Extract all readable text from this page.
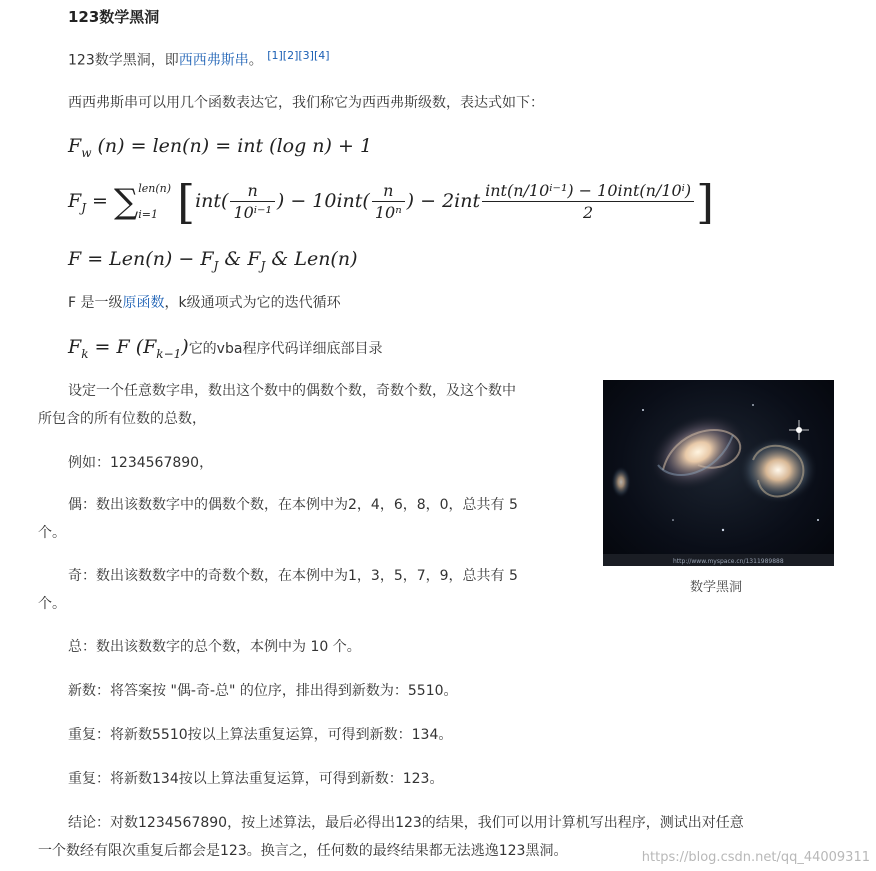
123数学黑洞
123数学黑洞，即西西弗斯串。 [1][2][3][4]
西西弗斯串可以用几个函数表达它，我们称它为西西弗斯级数，表达式如下：
$F_w$ (n) = len(n) = int (log n) + 1
$F_J$ = ∑ len(n)
i=1 [$int( \frac{n}{\text{10ⁱ⁻¹}}$ ) − $10int( \frac{n}{\text{10ⁿ}}$ ) − $2int \frac{\text{int(n/10ⁱ⁻¹) − 10int(n/10ⁱ)}}{2}$ ]
$F = Len(n) - F_J$ & $F_J$ & Len(n)
F 是一级原函数，k级通项式为它的迭代循环
$F_k = F$ $(F_{k-1})$它的vba程序代码详细底部目录
设定一个任意数字串，数出这个数中的偶数个数，奇数个数，及这个数中
所包含的所有位数的总数，
例如：1234567890，
偶：数出该数数字中的偶数个数，在本例中为2，4，6，8，0，总共有 5
个。
奇：数出该数数字中的奇数个数，在本例中为1，3，5，7，9，总共有 5
个。
总：数出该数数字的总个数，本例中为 10 个。
新数：将答案按 "偶-奇-总" 的位序，排出得到新数为：5510。
重复：将新数5510按以上算法重复运算，可得到新数：134。
重复：将新数134按以上算法重复运算，可得到新数：123。
结论：对数1234567890，按上述算法，最后必得出123的结果，我们可以用计算机写出程序，测试出对任意
一个数经有限次重复后都会是123。换言之，任何数的最终结果都无法逃逸123黑洞。
http://www.myspace.cn/1311989888
数学黑洞
https://blog.csdn.net/qq_44009311
